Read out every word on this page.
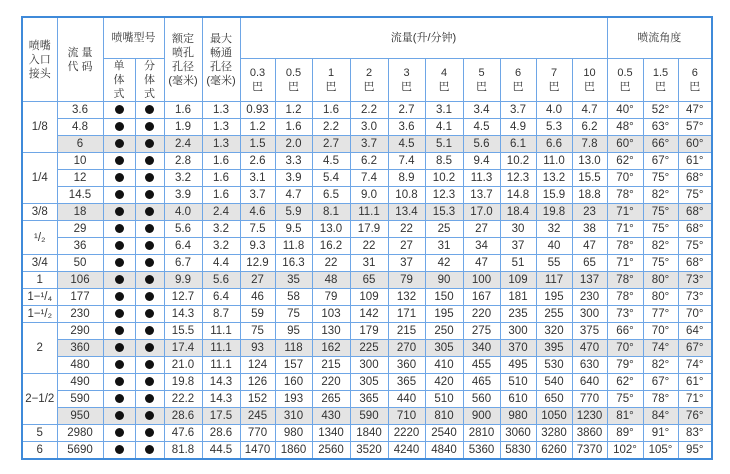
喷嘴
入口
接头	流 量
代 码	喷嘴型号		额定
喷孔
孔径
(毫米)	最大
畅通
孔径
(毫米)	流量(升/分钟)										喷流角度		
		单
体
式	分
体
式			0.3
巴	0.5
巴	1
巴	2
巴	3
巴	4
巴	5
巴	6
巴	7
巴	10
巴	0.5
巴	1.5
巴	6
巴
1/8	3.6			1.6	1.3	0.93	1.2	1.6	2.2	2.7	3.1	3.4	3.7	4.0	4.7	40°	52°	47°
	4.8			1.9	1.3	1.2	1.6	2.2	3.0	3.6	4.1	4.5	4.9	5.3	6.2	48°	63°	57°
	6			2.4	1.3	1.5	2.0	2.7	3.7	4.5	5.1	5.6	6.1	6.6	7.8	60°	66°	60°
1/4	10			2.8	1.6	2.6	3.3	4.5	6.2	7.4	8.5	9.4	10.2	11.0	13.0	62°	67°	61°
	12			3.2	1.6	3.1	3.9	5.4	7.4	8.9	10.2	11.3	12.3	13.2	15.5	70°	75°	68°
	14.5			3.9	1.6	3.7	4.7	6.5	9.0	10.8	12.3	13.7	14.8	15.9	18.8	78°	82°	75°
3/8	18			4.0	2.4	4.6	5.9	8.1	11.1	13.4	15.3	17.0	18.4	19.8	23	71°	75°	68°
¹/₂	29			5.6	3.2	7.5	9.5	13.0	17.9	22	25	27	30	32	38	71°	75°	68°
	36			6.4	3.2	9.3	11.8	16.2	22	27	31	34	37	40	47	78°	82°	75°
3/4	50			6.7	4.4	12.9	16.3	22	31	37	42	47	51	55	65	71°	75°	68°
1	106			9.9	5.6	27	35	48	65	79	90	100	109	117	137	78°	80°	73°
1−¹/₄	177			12.7	6.4	46	58	79	109	132	150	167	181	195	230	78°	80°	73°
1−¹/₂	230			14.3	8.7	59	75	103	142	171	195	220	235	255	300	73°	77°	70°
2	290			15.5	11.1	75	95	130	179	215	250	275	300	320	375	66°	70°	64°
	360			17.4	11.1	93	118	162	225	270	305	340	370	395	470	70°	74°	67°
	480			21.0	11.1	124	157	215	300	360	410	455	495	530	630	79°	82°	74°
2−1/2	490			19.8	14.3	126	160	220	305	365	420	465	510	540	640	62°	67°	61°
	590			22.2	14.3	152	193	265	365	440	510	560	610	650	770	75°	78°	71°
	950			28.6	17.5	245	310	430	590	710	810	900	980	1050	1230	81°	84°	76°
5	2980			47.6	28.6	770	980	1340	1840	2220	2540	2810	3060	3280	3860	89°	91°	83°
6	5690			81.8	44.5	1470	1860	2560	3520	4240	4840	5360	5830	6260	7370	102°	105°	95°
